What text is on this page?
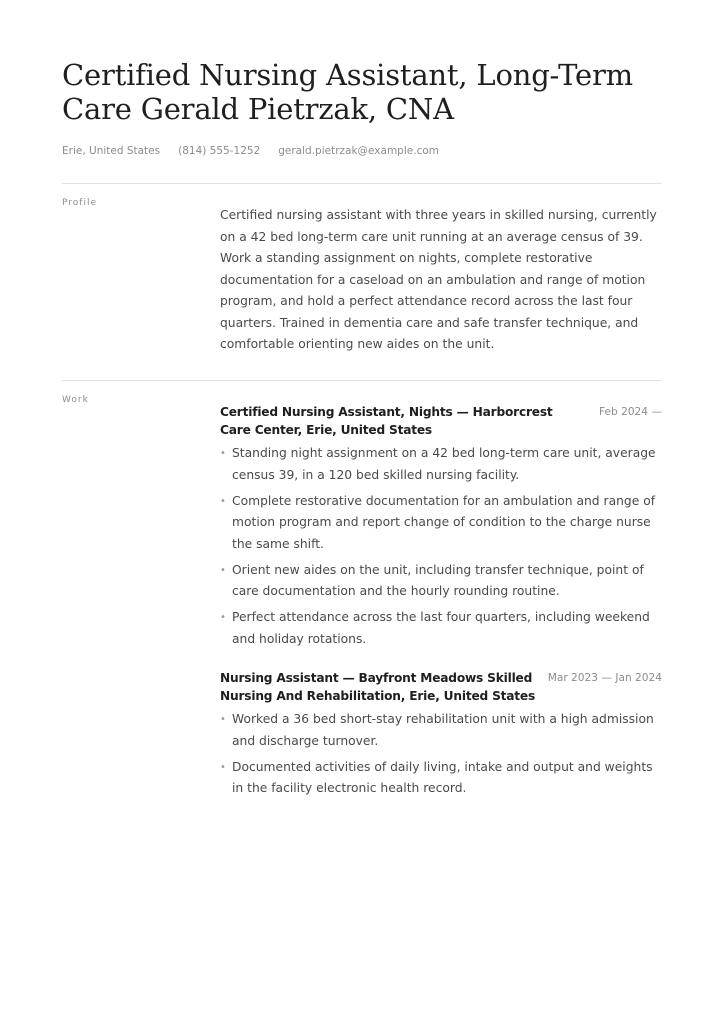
Certified Nursing Assistant, Long-Term Care Gerald Pietrzak, CNA
Erie, United States (814) 555-1252 gerald.pietrzak@example.com
Profile

Certified nursing assistant with three years in skilled nursing, currently on a 42 bed long-term care unit running at an average census of 39. Work a standing assignment on nights, complete restorative documentation for a caseload on an ambulation and range of motion program, and hold a perfect attendance record across the last four quarters. Trained in dementia care and safe transfer technique, and comfortable orienting new aides on the unit.

Work
Certified Nursing Assistant, Nights — Harborcrest Care Center, Erie, United States
Feb 2024 —
• Standing night assignment on a 42 bed long-term care unit, average census 39, in a 120 bed skilled nursing facility.
• Complete restorative documentation for an ambulation and range of motion program and report change of condition to the charge nurse the same shift.
• Orient new aides on the unit, including transfer technique, point of care documentation and the hourly rounding routine.
• Perfect attendance across the last four quarters, including weekend and holiday rotations.
Nursing Assistant — Bayfront Meadows Skilled Nursing And Rehabilitation, Erie, United States
Mar 2023 — Jan 2024
• Worked a 36 bed short-stay rehabilitation unit with a high admission and discharge turnover.
• Documented activities of daily living, intake and output and weights in the facility electronic health record.
